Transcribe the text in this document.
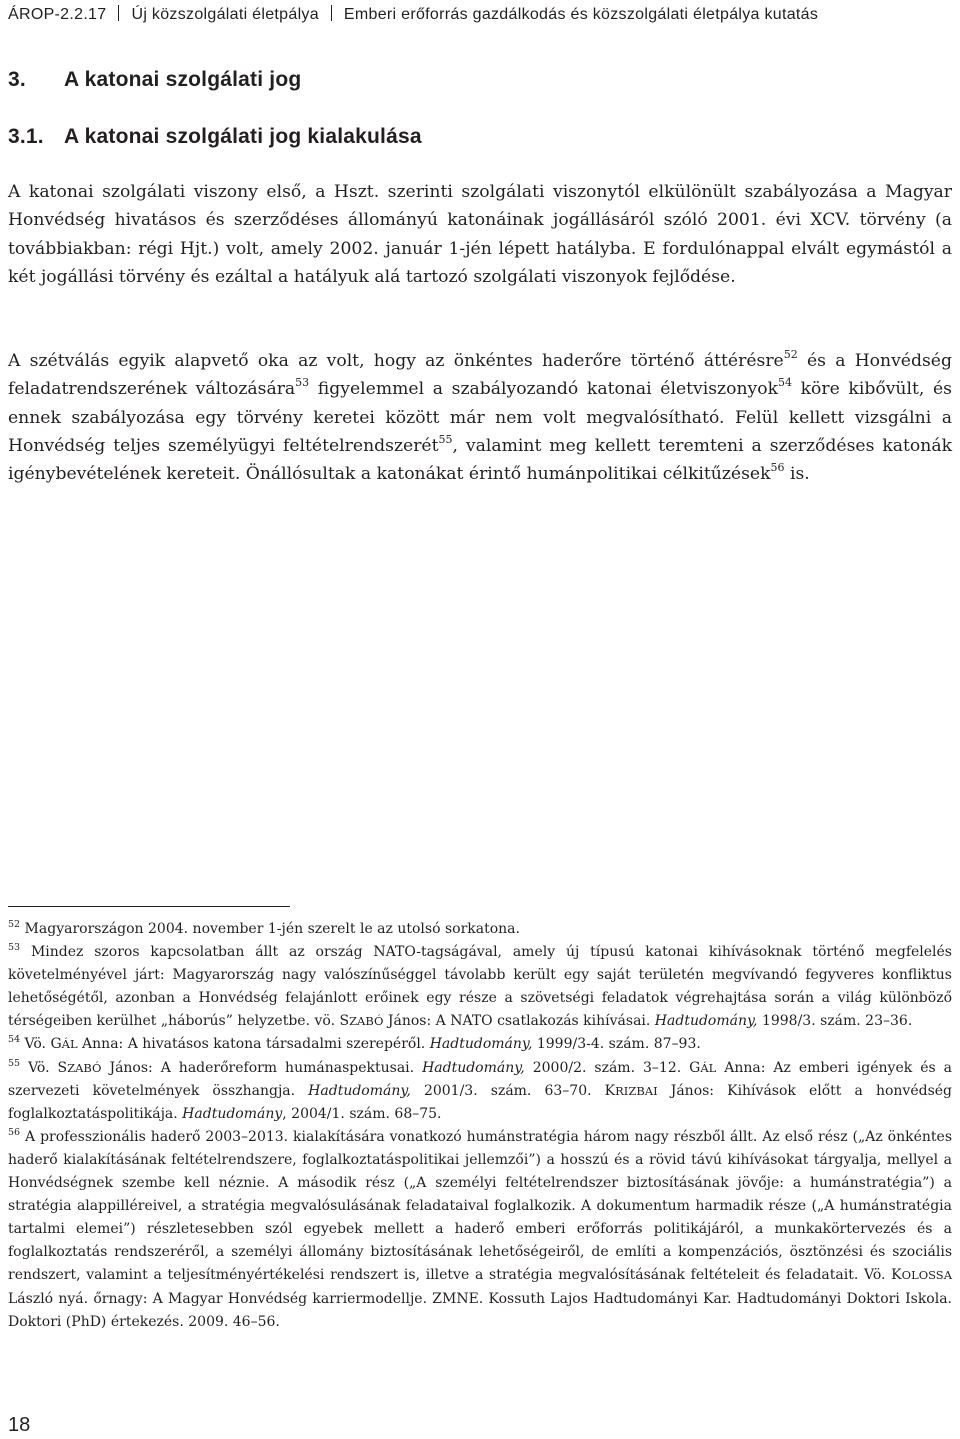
ÁROP-2.2.17 Új közszolgálati életpálya Emberi erőforrás gazdálkodás és közszolgálati életpálya kutatás
3. A katonai szolgálati jog
3.1. A katonai szolgálati jog kialakulása

A katonai szolgálati viszony első, a Hszt. szerinti szolgálati viszonytól elkülönült szabályozása a Magyar Honvédség hivatásos és szerződéses állományú katonáinak jogállásáról szóló 2001. évi XCV. törvény (a továbbiakban: régi Hjt.) volt, amely 2002. január 1-jén lépett hatályba. E fordulónappal elvált egymástól a két jogállási törvény és ezáltal a hatályuk alá tartozó szolgálati viszonyok fejlődése.

A szétválás egyik alapvető oka az volt, hogy az önkéntes haderőre történő áttérésre$^{52}$ és a Honvédség feladatrendszerének változására$^{53}$ figyelemmel a szabályozandó katonai életviszonyok$^{54}$ köre kibővült, és ennek szabályozása egy törvény keretei között már nem volt megvalósítható. Felül kellett vizsgálni a Honvédség teljes személyügyi feltételrendszerét$^{55}$, valamint meg kellett teremteni a szerződéses katonák igénybevételének kereteit. Önállósultak a katonákat érintő humánpolitikai célkitűzések$^{56}$ is.

$^{52}$ Magyarországon 2004. november 1-jén szerelt le az utolsó sorkatona.

$^{53}$ Mindez szoros kapcsolatban állt az ország NATO-tagságával, amely új típusú katonai kihívásoknak történő megfelelés követelményével járt: Magyarország nagy valószínűséggel távolabb került egy saját területén megvívandó fegyveres konfliktus lehetőségétől, azonban a Honvédség felajánlott erőinek egy része a szövetségi feladatok végrehajtása során a világ különböző térségeiben kerülhet „háborús” helyzetbe. vö. SZABÓ János: A NATO csatlakozás kihívásai. Hadtudomány, 1998/3. szám. 23–36.

$^{54}$ Vö. GÁL Anna: A hivatásos katona társadalmi szerepéről. Hadtudomány, 1999/3-4. szám. 87–93.

$^{55}$ Vö. SZABÓ János: A haderőreform humánaspektusai. Hadtudomány, 2000/2. szám. 3–12. GÁL Anna: Az emberi igények és a szervezeti követelmények összhangja. Hadtudomány, 2001/3. szám. 63–70. KRIZBAI János: Kihívások előtt a honvédség foglalkoztatáspolitikája. Hadtudomány, 2004/1. szám. 68–75.

$^{56}$ A professzionális haderő 2003–2013. kialakítására vonatkozó humánstratégia három nagy részből állt. Az első rész („Az önkéntes haderő kialakításának feltételrendszere, foglalkoztatáspolitikai jellemzői”) a hosszú és a rövid távú kihívásokat tárgyalja, mellyel a Honvédségnek szembe kell néznie. A második rész („A személyi feltételrendszer biztosításának jövője: a humánstratégia”) a stratégia alappilléreivel, a stratégia megvalósulásának feladataival foglalkozik. A dokumentum harmadik része („A humánstratégia tartalmi elemei”) részletesebben szól egyebek mellett a haderő emberi erőforrás politikájáról, a munkakörtervezés és a foglalkoztatás rendszeréről, a személyi állomány biztosításának lehetőségeiről, de említi a kompenzációs, ösztönzési és szociális rendszert, valamint a teljesítményértékelési rendszert is, illetve a stratégia megvalósításának feltételeit és feladatait. Vö. KOLOSSA László nyá. őrnagy: A Magyar Honvédség karriermodellje. ZMNE. Kossuth Lajos Hadtudományi Kar. Hadtudományi Doktori Iskola. Doktori (PhD) értekezés. 2009. 46–56.

18
